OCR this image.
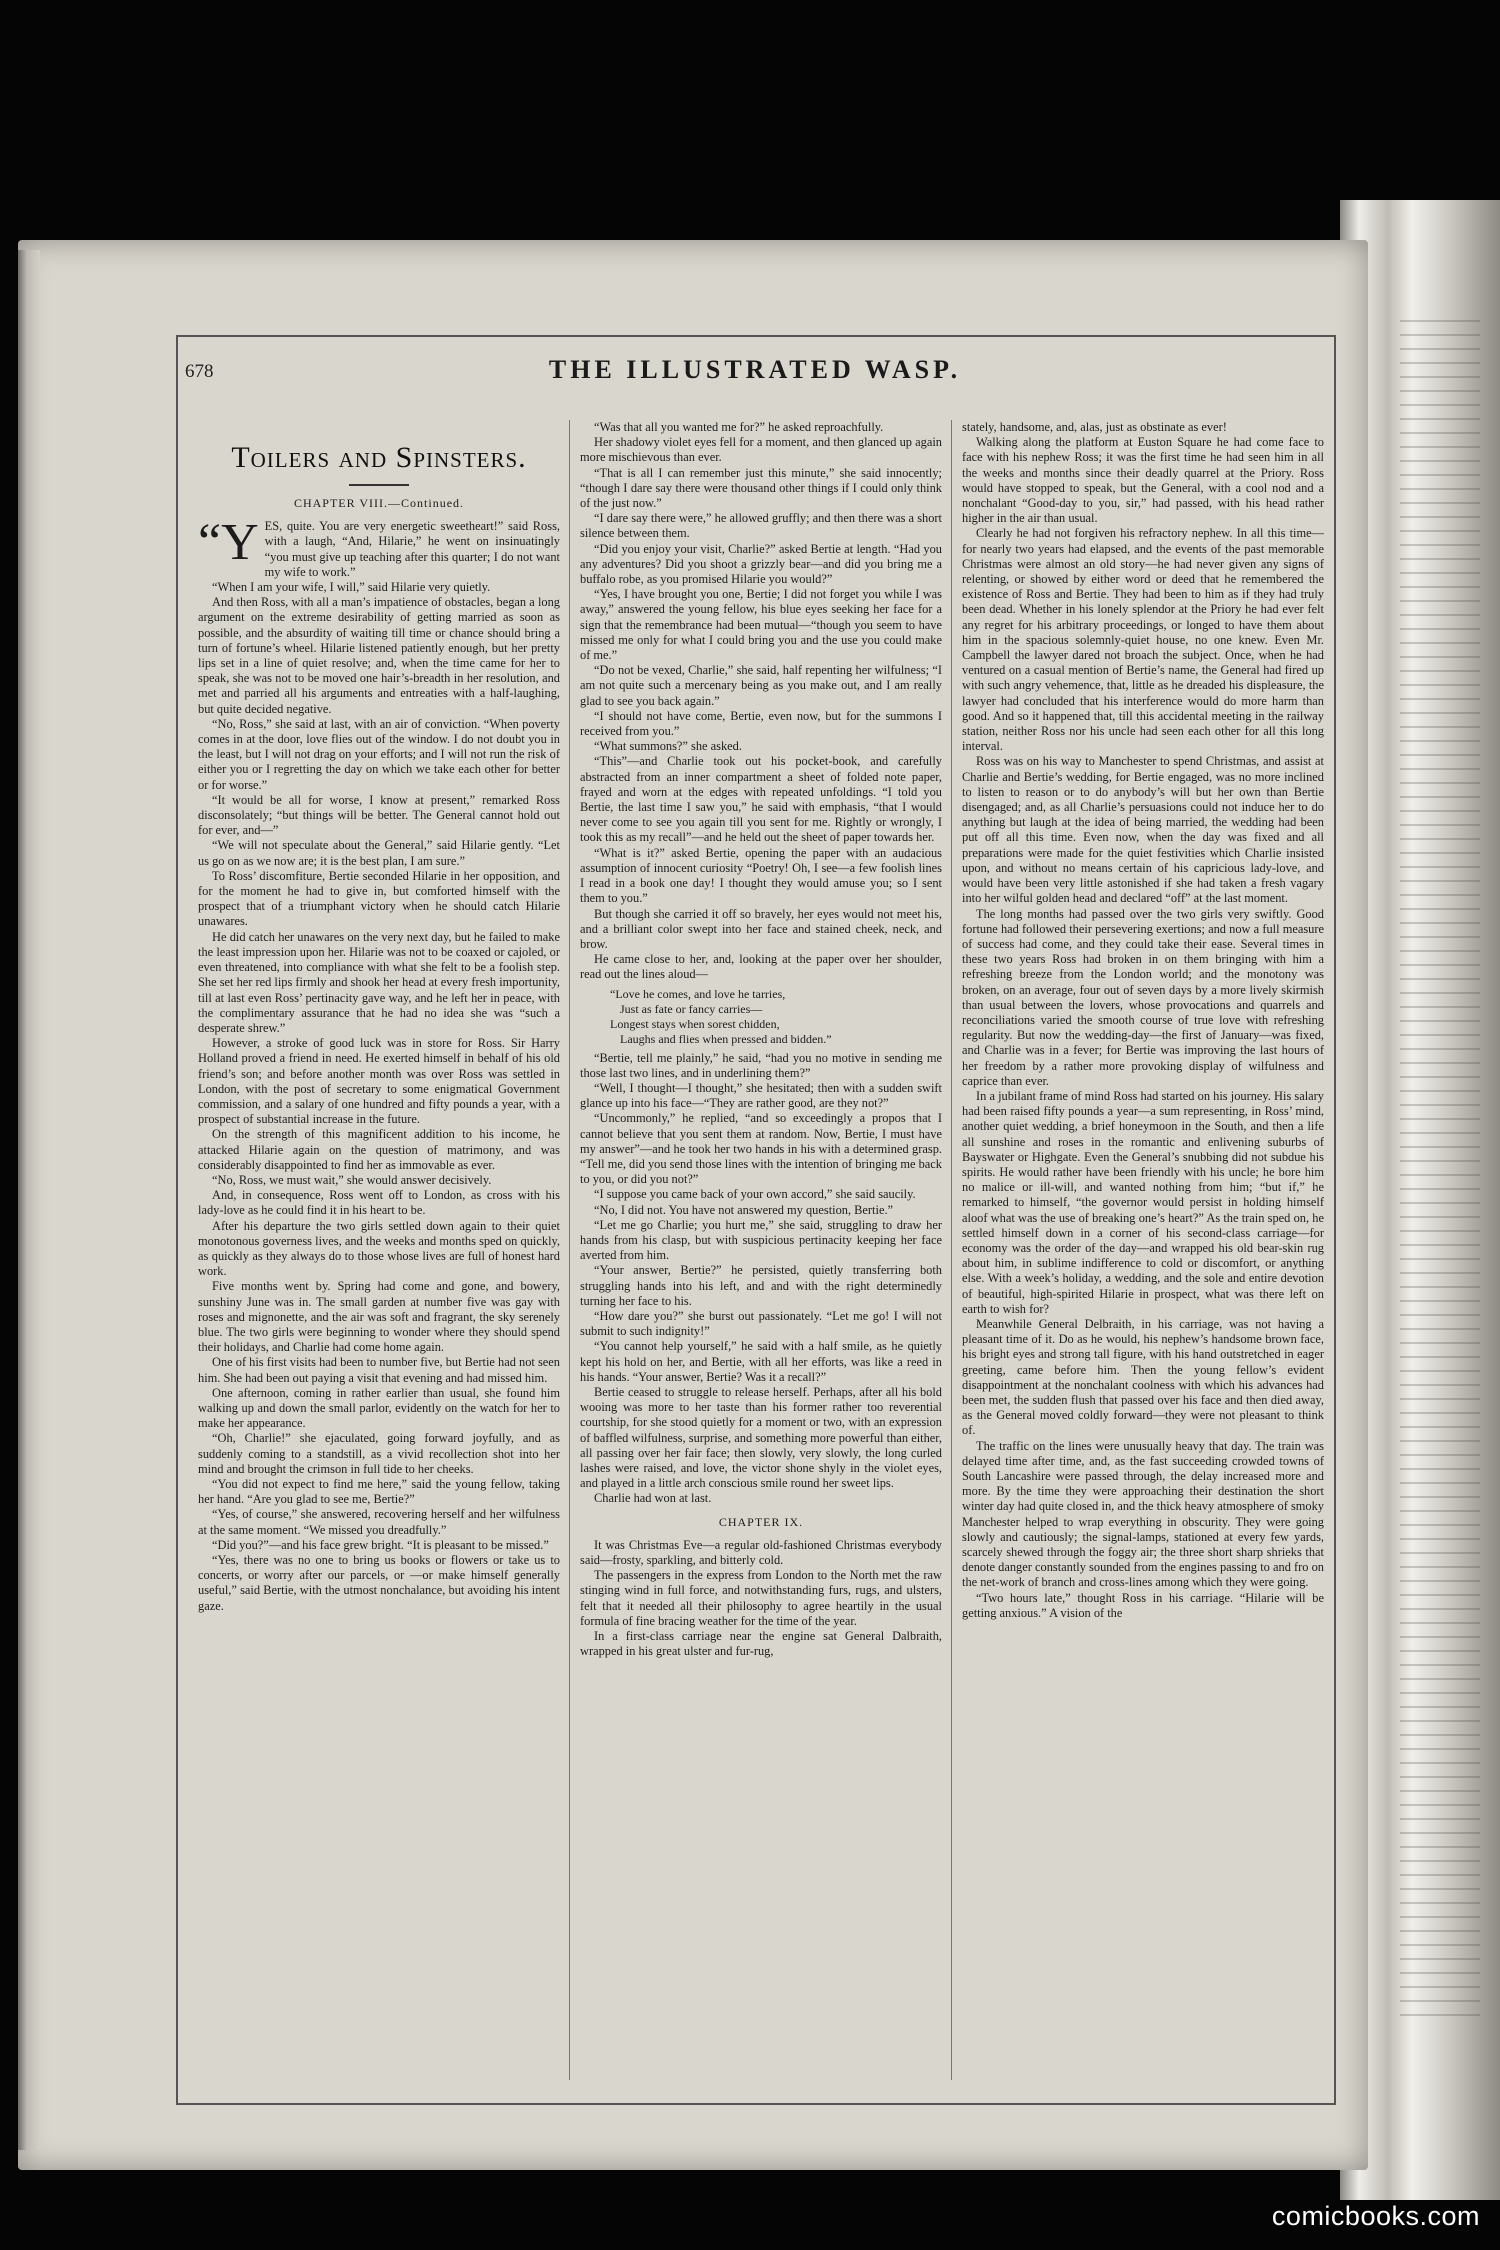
678	THE ILLUSTRATED WASP.
Toilers and Spinsters.
CHAPTER VIII.—Continued.
“Y ES, quite. You are very energetic sweetheart!” said Ross, with a laugh, “And, Hilarie,” he went on insinuatingly “you must give up teaching after this quarter; I do not want my wife to work.”

“When I am your wife, I will,” said Hilarie very quietly.

And then Ross, with all a man’s impatience of obstacles, began a long argument on the extreme desirability of getting married as soon as possible, and the absurdity of waiting till time or chance should bring a turn of fortune’s wheel. Hilarie listened patiently enough, but her pretty lips set in a line of quiet resolve; and, when the time came for her to speak, she was not to be moved one hair’s-breadth in her resolution, and met and parried all his arguments and entreaties with a half-laughing, but quite decided negative.

“No, Ross,” she said at last, with an air of conviction. “When poverty comes in at the door, love flies out of the window. I do not doubt you in the least, but I will not drag on your efforts; and I will not run the risk of either you or I regretting the day on which we take each other for better or for worse.”

“It would be all for worse, I know at present,” remarked Ross disconsolately; “but things will be better. The General cannot hold out for ever, and—”

“We will not speculate about the General,” said Hilarie gently. “Let us go on as we now are; it is the best plan, I am sure.”

To Ross’ discomfiture, Bertie seconded Hilarie in her opposition, and for the moment he had to give in, but comforted himself with the prospect that of a triumphant victory when he should catch Hilarie unawares.

He did catch her unawares on the very next day, but he failed to make the least impression upon her. Hilarie was not to be coaxed or cajoled, or even threatened, into compliance with what she felt to be a foolish step. She set her red lips firmly and shook her head at every fresh importunity, till at last even Ross’ pertinacity gave way, and he left her in peace, with the complimentary assurance that he had no idea she was “such a desperate shrew.”

However, a stroke of good luck was in store for Ross. Sir Harry Holland proved a friend in need. He exerted himself in behalf of his old friend’s son; and before another month was over Ross was settled in London, with the post of secretary to some enigmatical Government commission, and a salary of one hundred and fifty pounds a year, with a prospect of substantial increase in the future.

On the strength of this magnificent addition to his income, he attacked Hilarie again on the question of matrimony, and was considerably disappointed to find her as immovable as ever.

“No, Ross, we must wait,” she would answer decisively.

And, in consequence, Ross went off to London, as cross with his lady-love as he could find it in his heart to be.

After his departure the two girls settled down again to their quiet monotonous governess lives, and the weeks and months sped on quickly, as quickly as they always do to those whose lives are full of honest hard work.

Five months went by. Spring had come and gone, and bowery, sunshiny June was in. The small garden at number five was gay with roses and mignonette, and the air was soft and fragrant, the sky serenely blue. The two girls were beginning to wonder where they should spend their holidays, and Charlie had come home again.

One of his first visits had been to number five, but Bertie had not seen him. She had been out paying a visit that evening and had missed him.

One afternoon, coming in rather earlier than usual, she found him walking up and down the small parlor, evidently on the watch for her to make her appearance.

“Oh, Charlie!” she ejaculated, going forward joyfully, and as suddenly coming to a standstill, as a vivid recollection shot into her mind and brought the crimson in full tide to her cheeks.

“You did not expect to find me here,” said the young fellow, taking her hand. “Are you glad to see me, Bertie?”

“Yes, of course,” she answered, recovering herself and her wilfulness at the same moment. “We missed you dreadfully.”

“Did you?”—and his face grew bright. “It is pleasant to be missed.”

“Yes, there was no one to bring us books or flowers or take us to concerts, or worry after our parcels, or —or make himself generally useful,” said Bertie, with the utmost nonchalance, but avoiding his intent gaze.

“Was that all you wanted me for?” he asked reproachfully.

Her shadowy violet eyes fell for a moment, and then glanced up again more mischievous than ever.

“That is all I can remember just this minute,” she said innocently; “though I dare say there were thousand other things if I could only think of the just now.”

“I dare say there were,” he allowed gruffly; and then there was a short silence between them.

“Did you enjoy your visit, Charlie?” asked Bertie at length. “Had you any adventures? Did you shoot a grizzly bear—and did you bring me a buffalo robe, as you promised Hilarie you would?”

“Yes, I have brought you one, Bertie; I did not forget you while I was away,” answered the young fellow, his blue eyes seeking her face for a sign that the remembrance had been mutual—“though you seem to have missed me only for what I could bring you and the use you could make of me.”

“Do not be vexed, Charlie,” she said, half repenting her wilfulness; “I am not quite such a mercenary being as you make out, and I am really glad to see you back again.”

“I should not have come, Bertie, even now, but for the summons I received from you.”

“What summons?” she asked.

“This”—and Charlie took out his pocket-book, and carefully abstracted from an inner compartment a sheet of folded note paper, frayed and worn at the edges with repeated unfoldings. “I told you Bertie, the last time I saw you,” he said with emphasis, “that I would never come to see you again till you sent for me. Rightly or wrongly, I took this as my recall”—and he held out the sheet of paper towards her.

“What is it?” asked Bertie, opening the paper with an audacious assumption of innocent curiosity “Poetry! Oh, I see—a few foolish lines I read in a book one day! I thought they would amuse you; so I sent them to you.”

But though she carried it off so bravely, her eyes would not meet his, and a brilliant color swept into her face and stained cheek, neck, and brow.

He came close to her, and, looking at the paper over her shoulder, read out the lines aloud—

“Love he comes, and love he tarries,
Just as fate or fancy carries—
Longest stays when sorest chidden,
Laughs and flies when pressed and bidden.”

“Bertie, tell me plainly,” he said, “had you no motive in sending me those last two lines, and in underlining them?”

“Well, I thought—I thought,” she hesitated; then with a sudden swift glance up into his face—“They are rather good, are they not?”

“Uncommonly,” he replied, “and so exceedingly a propos that I cannot believe that you sent them at random. Now, Bertie, I must have my answer”—and he took her two hands in his with a determined grasp. “Tell me, did you send those lines with the intention of bringing me back to you, or did you not?”

“I suppose you came back of your own accord,” she said saucily.

“No, I did not. You have not answered my question, Bertie.”

“Let me go Charlie; you hurt me,” she said, struggling to draw her hands from his clasp, but with suspicious pertinacity keeping her face averted from him.

“Your answer, Bertie?” he persisted, quietly transferring both struggling hands into his left, and and with the right determinedly turning her face to his.

“How dare you?” she burst out passionately. “Let me go! I will not submit to such indignity!”

“You cannot help yourself,” he said with a half smile, as he quietly kept his hold on her, and Bertie, with all her efforts, was like a reed in his hands. “Your answer, Bertie? Was it a recall?”

Bertie ceased to struggle to release herself. Perhaps, after all his bold wooing was more to her taste than his former rather too reverential courtship, for she stood quietly for a moment or two, with an expression of baffled wilfulness, surprise, and something more powerful than either, all passing over her fair face; then slowly, very slowly, the long curled lashes were raised, and love, the victor shone shyly in the violet eyes, and played in a little arch conscious smile round her sweet lips.

Charlie had won at last.

CHAPTER IX.

It was Christmas Eve—a regular old-fashioned Christmas everybody said—frosty, sparkling, and bitterly cold.

The passengers in the express from London to the North met the raw stinging wind in full force, and notwithstanding furs, rugs, and ulsters, felt that it needed all their philosophy to agree heartily in the usual formula of fine bracing weather for the time of the year.

In a first-class carriage near the engine sat General Dalbraith, wrapped in his great ulster and fur-rug,

stately, handsome, and, alas, just as obstinate as ever!

Walking along the platform at Euston Square he had come face to face with his nephew Ross; it was the first time he had seen him in all the weeks and months since their deadly quarrel at the Priory. Ross would have stopped to speak, but the General, with a cool nod and a nonchalant “Good-day to you, sir,” had passed, with his head rather higher in the air than usual.

Clearly he had not forgiven his refractory nephew. In all this time—for nearly two years had elapsed, and the events of the past memorable Christmas were almost an old story—he had never given any signs of relenting, or showed by either word or deed that he remembered the existence of Ross and Bertie. They had been to him as if they had truly been dead. Whether in his lonely splendor at the Priory he had ever felt any regret for his arbitrary proceedings, or longed to have them about him in the spacious solemnly-quiet house, no one knew. Even Mr. Campbell the lawyer dared not broach the subject. Once, when he had ventured on a casual mention of Bertie’s name, the General had fired up with such angry vehemence, that, little as he dreaded his displeasure, the lawyer had concluded that his interference would do more harm than good. And so it happened that, till this accidental meeting in the railway station, neither Ross nor his uncle had seen each other for all this long interval.

Ross was on his way to Manchester to spend Christmas, and assist at Charlie and Bertie’s wedding, for Bertie engaged, was no more inclined to listen to reason or to do anybody’s will but her own than Bertie disengaged; and, as all Charlie’s persuasions could not induce her to do anything but laugh at the idea of being married, the wedding had been put off all this time. Even now, when the day was fixed and all preparations were made for the quiet festivities which Charlie insisted upon, and without no means certain of his capricious lady-love, and would have been very little astonished if she had taken a fresh vagary into her wilful golden head and declared “off” at the last moment.

The long months had passed over the two girls very swiftly. Good fortune had followed their persevering exertions; and now a full measure of success had come, and they could take their ease. Several times in these two years Ross had broken in on them bringing with him a refreshing breeze from the London world; and the monotony was broken, on an average, four out of seven days by a more lively skirmish than usual between the lovers, whose provocations and quarrels and reconciliations varied the smooth course of true love with refreshing regularity. But now the wedding-day—the first of January—was fixed, and Charlie was in a fever; for Bertie was improving the last hours of her freedom by a rather more provoking display of wilfulness and caprice than ever.

In a jubilant frame of mind Ross had started on his journey. His salary had been raised fifty pounds a year—a sum representing, in Ross’ mind, another quiet wedding, a brief honeymoon in the South, and then a life all sunshine and roses in the romantic and enlivening suburbs of Bayswater or Highgate. Even the General’s snubbing did not subdue his spirits. He would rather have been friendly with his uncle; he bore him no malice or ill-will, and wanted nothing from him; “but if,” he remarked to himself, “the governor would persist in holding himself aloof what was the use of breaking one’s heart?” As the train sped on, he settled himself down in a corner of his second-class carriage—for economy was the order of the day—and wrapped his old bear-skin rug about him, in sublime indifference to cold or discomfort, or anything else. With a week’s holiday, a wedding, and the sole and entire devotion of beautiful, high-spirited Hilarie in prospect, what was there left on earth to wish for?

Meanwhile General Delbraith, in his carriage, was not having a pleasant time of it. Do as he would, his nephew’s handsome brown face, his bright eyes and strong tall figure, with his hand outstretched in eager greeting, came before him. Then the young fellow’s evident disappointment at the nonchalant coolness with which his advances had been met, the sudden flush that passed over his face and then died away, as the General moved coldly forward—they were not pleasant to think of.

The traffic on the lines were unusually heavy that day. The train was delayed time after time, and, as the fast succeeding crowded towns of South Lancashire were passed through, the delay increased more and more. By the time they were approaching their destination the short winter day had quite closed in, and the thick heavy atmosphere of smoky Manchester helped to wrap everything in obscurity. They were going slowly and cautiously; the signal-lamps, stationed at every few yards, scarcely shewed through the foggy air; the three short sharp shrieks that denote danger constantly sounded from the engines passing to and fro on the net-work of branch and cross-lines among which they were going.

“Two hours late,” thought Ross in his carriage. “Hilarie will be getting anxious.” A vision of the

comicbooks.com
